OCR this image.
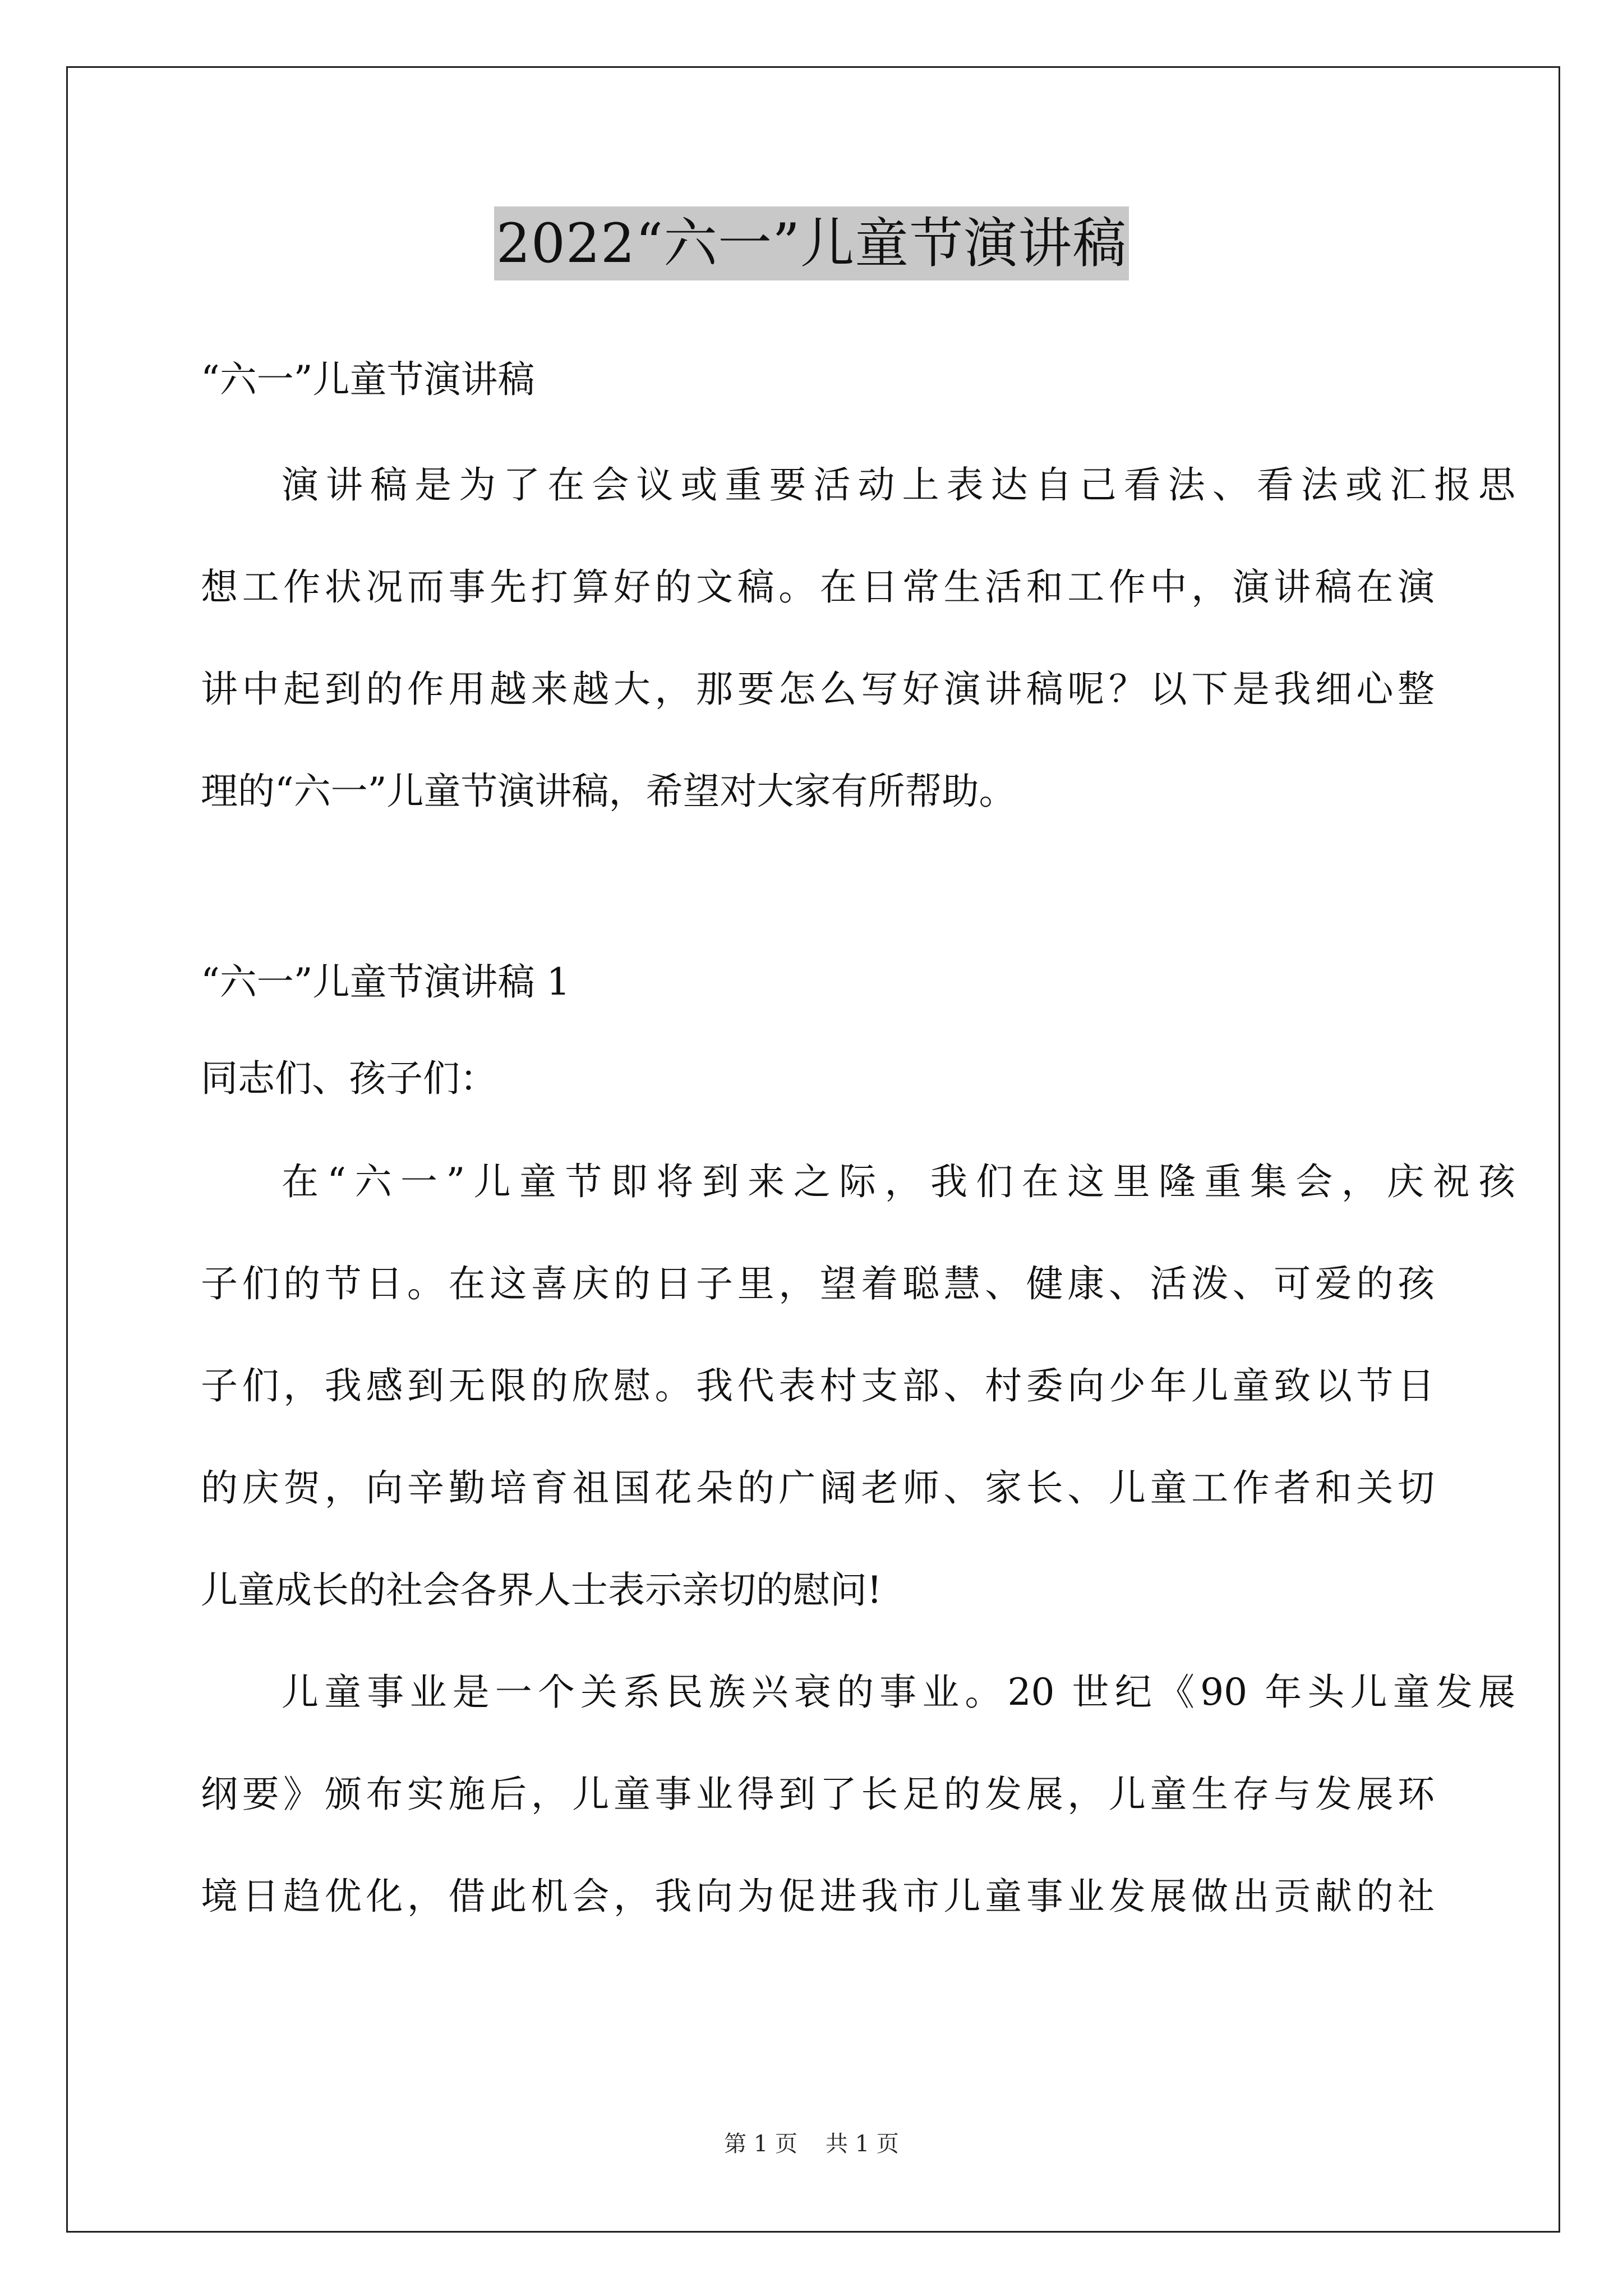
2022“六一”儿童节演讲稿
“六一”儿童节演讲稿
演讲稿是为了在会议或重要活动上表达自己看法、看法或汇报思
想工作状况而事先打算好的文稿。在日常生活和工作中，演讲稿在演
讲中起到的作用越来越大，那要怎么写好演讲稿呢？以下是我细心整
理的“六一”儿童节演讲稿，希望对大家有所帮助。
“六一”儿童节演讲稿 1
同志们、孩子们：
在“六一”儿童节即将到来之际，我们在这里隆重集会，庆祝孩
子们的节日。在这喜庆的日子里，望着聪慧、健康、活泼、可爱的孩
子们，我感到无限的欣慰。我代表村支部、村委向少年儿童致以节日
的庆贺，向辛勤培育祖国花朵的广阔老师、家长、儿童工作者和关切
儿童成长的社会各界人士表示亲切的慰问!
儿童事业是一个关系民族兴衰的事业。20 世纪《90 年头儿童发展
纲要》颁布实施后，儿童事业得到了长足的发展，儿童生存与发展环
境日趋优化，借此机会，我向为促进我市儿童事业发展做出贡献的社
第 1 页 共 1 页
